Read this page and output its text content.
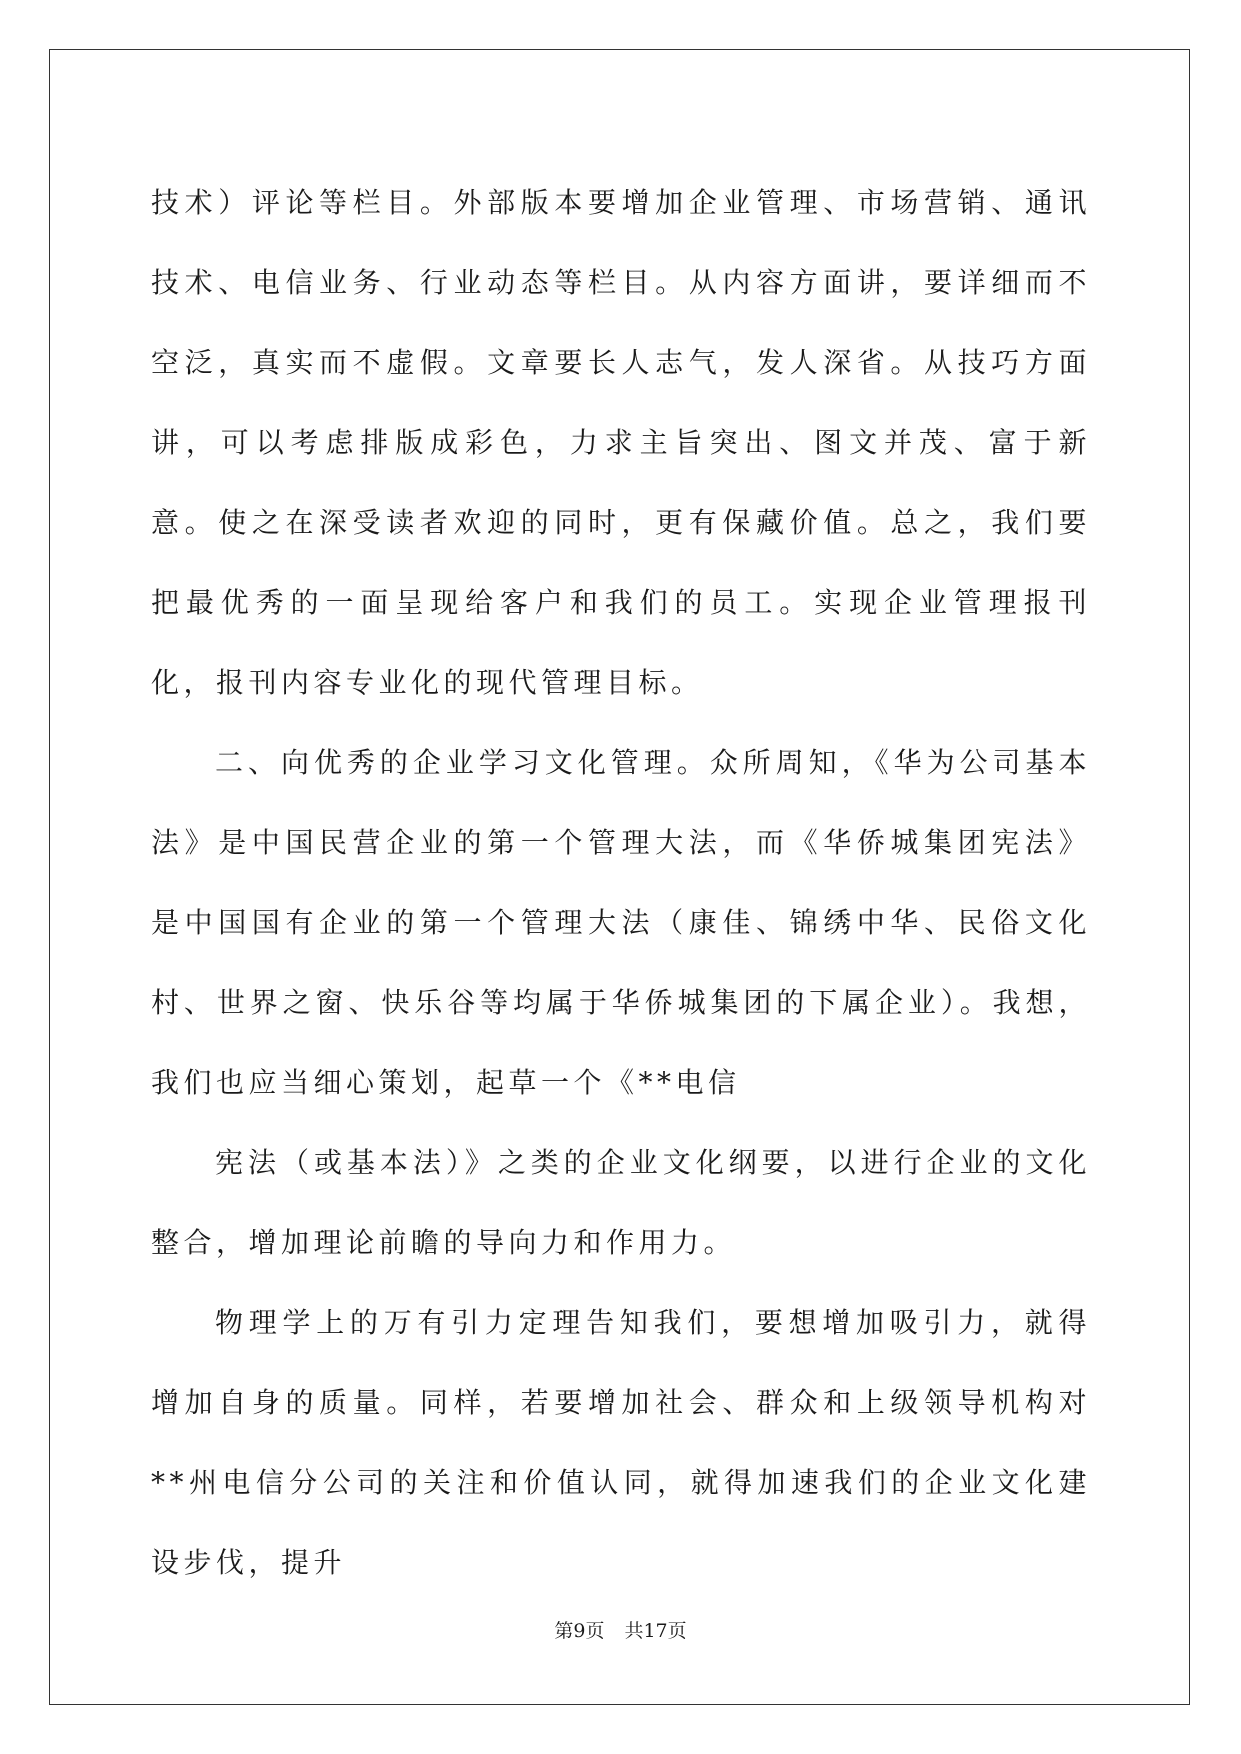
技术）评论等栏目。外部版本要增加企业管理、市场营销、通讯技术、电信业务、行业动态等栏目。从内容方面讲，要详细而不空泛，真实而不虚假。文章要长人志气，发人深省。从技巧方面讲，可以考虑排版成彩色，力求主旨突出、图文并茂、富于新意。使之在深受读者欢迎的同时，更有保藏价值。总之，我们要把最优秀的一面呈现给客户和我们的员工。实现企业管理报刊化，报刊内容专业化的现代管理目标。

二、向优秀的企业学习文化管理。众所周知，《华为公司基本法》是中国民营企业的第一个管理大法，而《华侨城集团宪法》是中国国有企业的第一个管理大法（康佳、锦绣中华、民俗文化村、世界之窗、快乐谷等均属于华侨城集团的下属企业）。我想，我们也应当细心策划，起草一个《**电信

宪法（或基本法）》之类的企业文化纲要，以进行企业的文化整合，增加理论前瞻的导向力和作用力。

物理学上的万有引力定理告知我们，要想增加吸引力，就得增加自身的质量。同样，若要增加社会、群众和上级领导机构对**州电信分公司的关注和价值认同，就得加速我们的企业文化建设步伐，提升

第9页 共17页
